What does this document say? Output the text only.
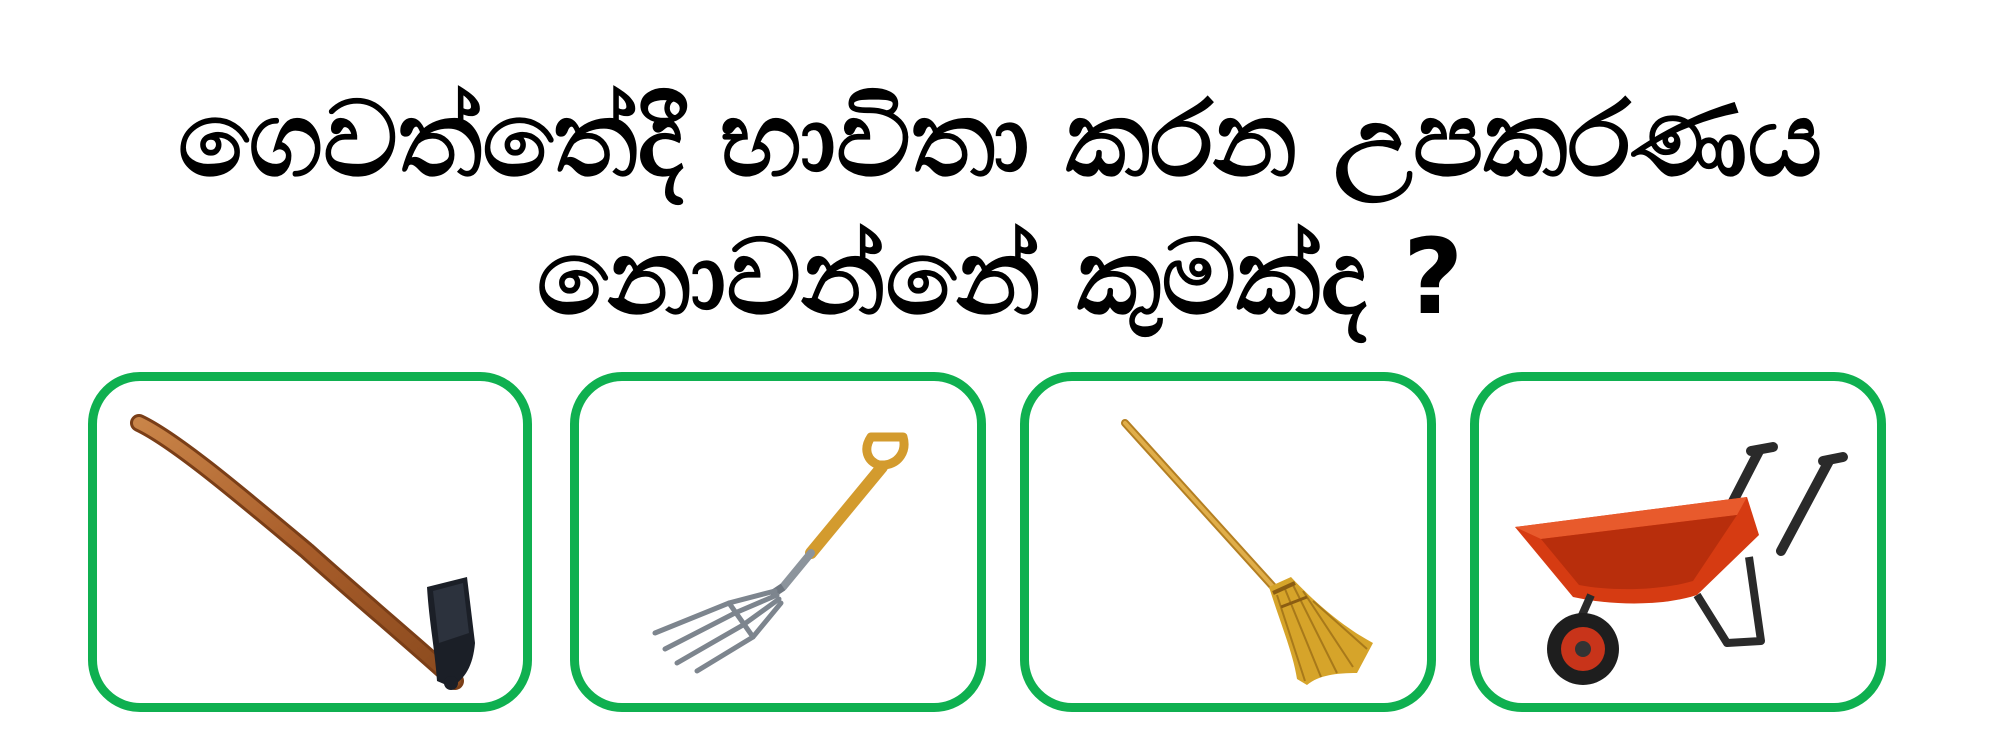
ගෙවත්තේදී භාවිතා කරන උපකරණය
නොවන්නේ කුමක්ද ?
